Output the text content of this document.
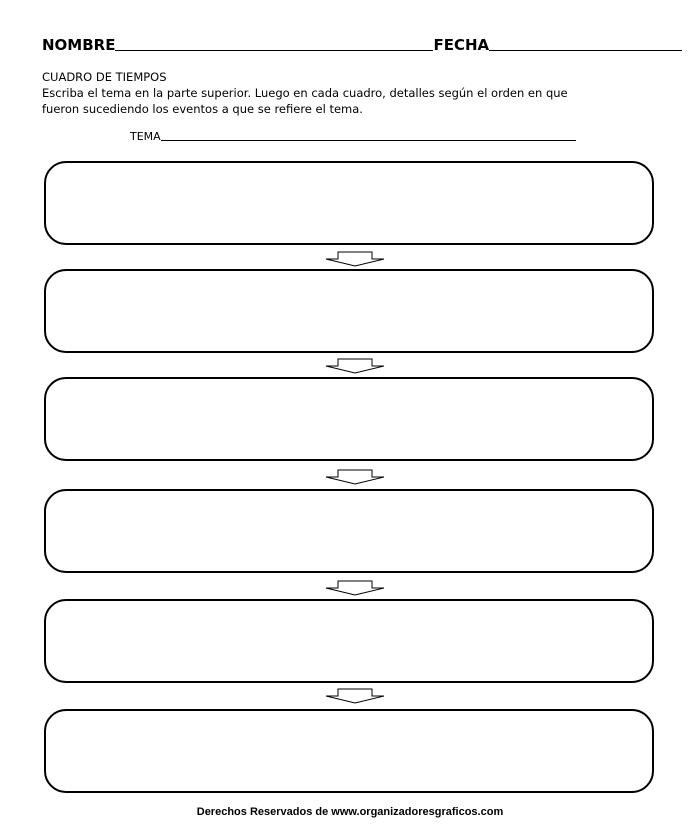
NOMBRE	FECHA
CUADRO DE TIEMPOS
Escriba el tema en la parte superior. Luego en cada cuadro, detalles según el orden en que
fueron sucediendo los eventos a que se refiere el tema.
TEMA
Derechos Reservados de www.organizadoresgraficos.com
